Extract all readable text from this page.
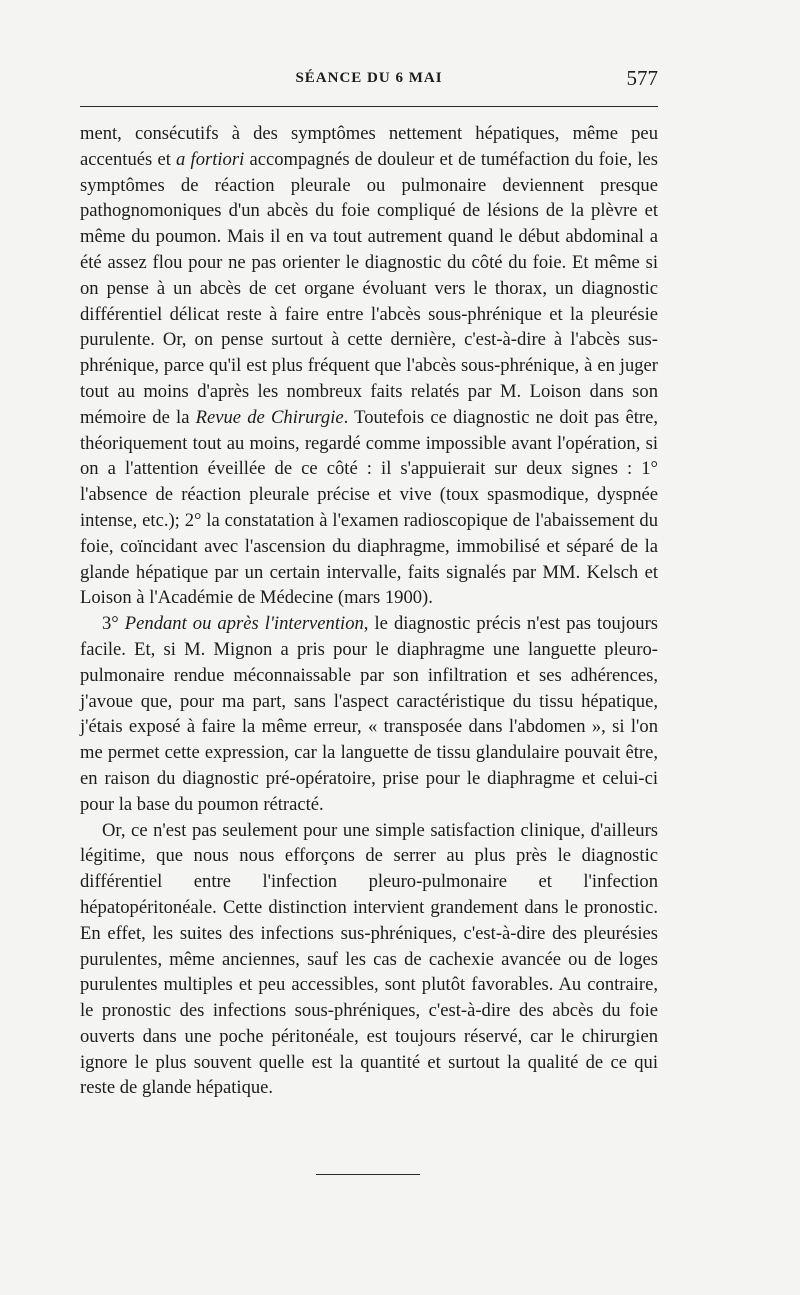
SÉANCE DU 6 MAI	577

ment, consécutifs à des symptômes nettement hépatiques, même peu accentués et a fortiori accompagnés de douleur et de tuméfaction du foie, les symptômes de réaction pleurale ou pulmonaire deviennent presque pathognomoniques d'un abcès du foie compliqué de lésions de la plèvre et même du poumon. Mais il en va tout autrement quand le début abdominal a été assez flou pour ne pas orienter le diagnostic du côté du foie. Et même si on pense à un abcès de cet organe évoluant vers le thorax, un diagnostic différentiel délicat reste à faire entre l'abcès sous-phrénique et la pleurésie purulente. Or, on pense surtout à cette dernière, c'est-à-dire à l'abcès sus-phrénique, parce qu'il est plus fréquent que l'abcès sous-phrénique, à en juger tout au moins d'après les nombreux faits relatés par M. Loison dans son mémoire de la Revue de Chirurgie. Toutefois ce diagnostic ne doit pas être, théoriquement tout au moins, regardé comme impossible avant l'opération, si on a l'attention éveillée de ce côté : il s'appuierait sur deux signes : 1° l'absence de réaction pleurale précise et vive (toux spasmodique, dyspnée intense, etc.); 2° la constatation à l'examen radioscopique de l'abaissement du foie, coïncidant avec l'ascension du diaphragme, immobilisé et séparé de la glande hépatique par un certain intervalle, faits signalés par MM. Kelsch et Loison à l'Académie de Médecine (mars 1900).

3° Pendant ou après l'intervention, le diagnostic précis n'est pas toujours facile. Et, si M. Mignon a pris pour le diaphragme une languette pleuro-pulmonaire rendue méconnaissable par son infiltration et ses adhérences, j'avoue que, pour ma part, sans l'aspect caractéristique du tissu hépatique, j'étais exposé à faire la même erreur, « transposée dans l'abdomen », si l'on me permet cette expression, car la languette de tissu glandulaire pouvait être, en raison du diagnostic pré-opératoire, prise pour le diaphragme et celui-ci pour la base du poumon rétracté.

Or, ce n'est pas seulement pour une simple satisfaction clinique, d'ailleurs légitime, que nous nous efforçons de serrer au plus près le diagnostic différentiel entre l'infection pleuro-pulmonaire et l'infection hépatopéritonéale. Cette distinction intervient grandement dans le pronostic. En effet, les suites des infections sus-phréniques, c'est-à-dire des pleurésies purulentes, même anciennes, sauf les cas de cachexie avancée ou de loges purulentes multiples et peu accessibles, sont plutôt favorables. Au contraire, le pronostic des infections sous-phréniques, c'est-à-dire des abcès du foie ouverts dans une poche péritonéale, est toujours réservé, car le chirurgien ignore le plus souvent quelle est la quantité et surtout la qualité de ce qui reste de glande hépatique.
